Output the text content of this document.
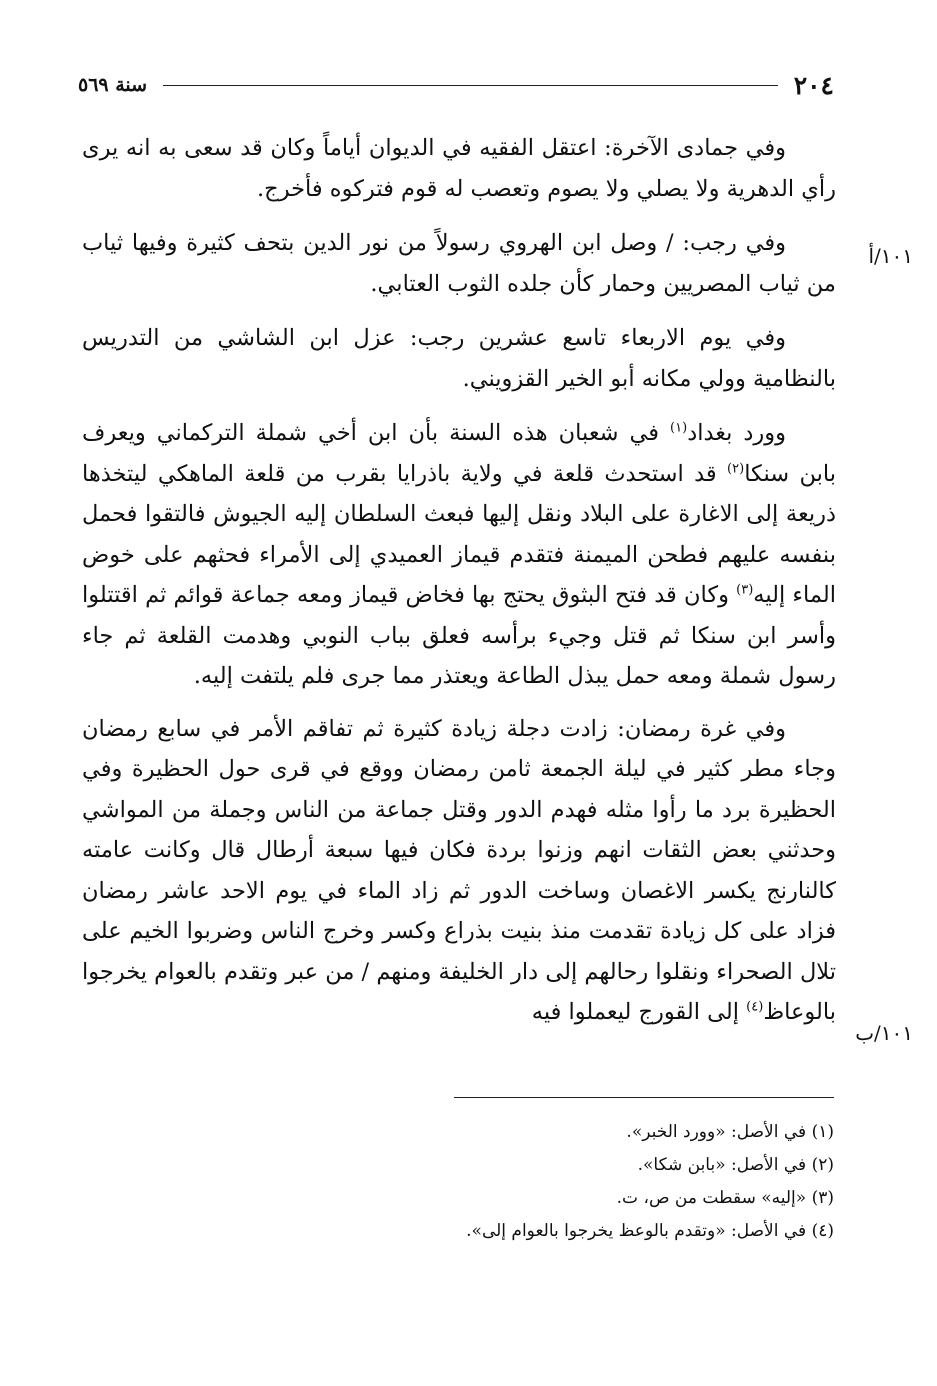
٢٠٤
سنة ٥٦٩
١٠١/أ
١٠١/ب

وفي جمادى الآخرة: اعتقل الفقيه في الديوان أياماً وكان قد سعى به انه يرى رأي الدهرية ولا يصلي ولا يصوم وتعصب له قوم فتركوه فأخرج.

وفي رجب: / وصل ابن الهروي رسولاً من نور الدين بتحف كثيرة وفيها ثياب من ثياب المصريين وحمار كأن جلده الثوب العتابي.

وفي يوم الاربعاء تاسع عشرين رجب: عزل ابن الشاشي من التدريس بالنظامية وولي مكانه أبو الخير القزويني.

وورد بغداد$^{(١)}$ في شعبان هذه السنة بأن ابن أخي شملة التركماني ويعرف بابن سنكا$^{(٢)}$ قد استحدث قلعة في ولاية باذرايا بقرب من قلعة الماهكي ليتخذها ذريعة إلى الاغارة على البلاد ونقل إليها فبعث السلطان إليه الجيوش فالتقوا فحمل بنفسه عليهم فطحن الميمنة فتقدم قيماز العميدي إلى الأمراء فحثهم على خوض الماء إليه$^{(٣)}$ وكان قد فتح البثوق يحتج بها فخاض قيماز ومعه جماعة قوائم ثم اقتتلوا وأسر ابن سنكا ثم قتل وجيء برأسه فعلق بباب النوبي وهدمت القلعة ثم جاء رسول شملة ومعه حمل يبذل الطاعة ويعتذر مما جرى فلم يلتفت إليه.

وفي غرة رمضان: زادت دجلة زيادة كثيرة ثم تفاقم الأمر في سابع رمضان وجاء مطر كثير في ليلة الجمعة ثامن رمضان ووقع في قرى حول الحظيرة وفي الحظيرة برد ما رأوا مثله فهدم الدور وقتل جماعة من الناس وجملة من المواشي وحدثني بعض الثقات انهم وزنوا بردة فكان فيها سبعة أرطال قال وكانت عامته كالنارنج يكسر الاغصان وساخت الدور ثم زاد الماء في يوم الاحد عاشر رمضان فزاد على كل زيادة تقدمت منذ بنيت بذراع وكسر وخرج الناس وضربوا الخيم على تلال الصحراء ونقلوا رحالهم إلى دار الخليفة ومنهم / من عبر وتقدم بالعوام يخرجوا بالوعاظ$^{(٤)}$ إلى القورج ليعملوا فيه

(١) في الأصل: «وورد الخبر».

(٢) في الأصل: «بابن شكا».

(٣) «إليه» سقطت من ص، ت.

(٤) في الأصل: «وتقدم بالوعظ يخرجوا بالعوام إلى».
